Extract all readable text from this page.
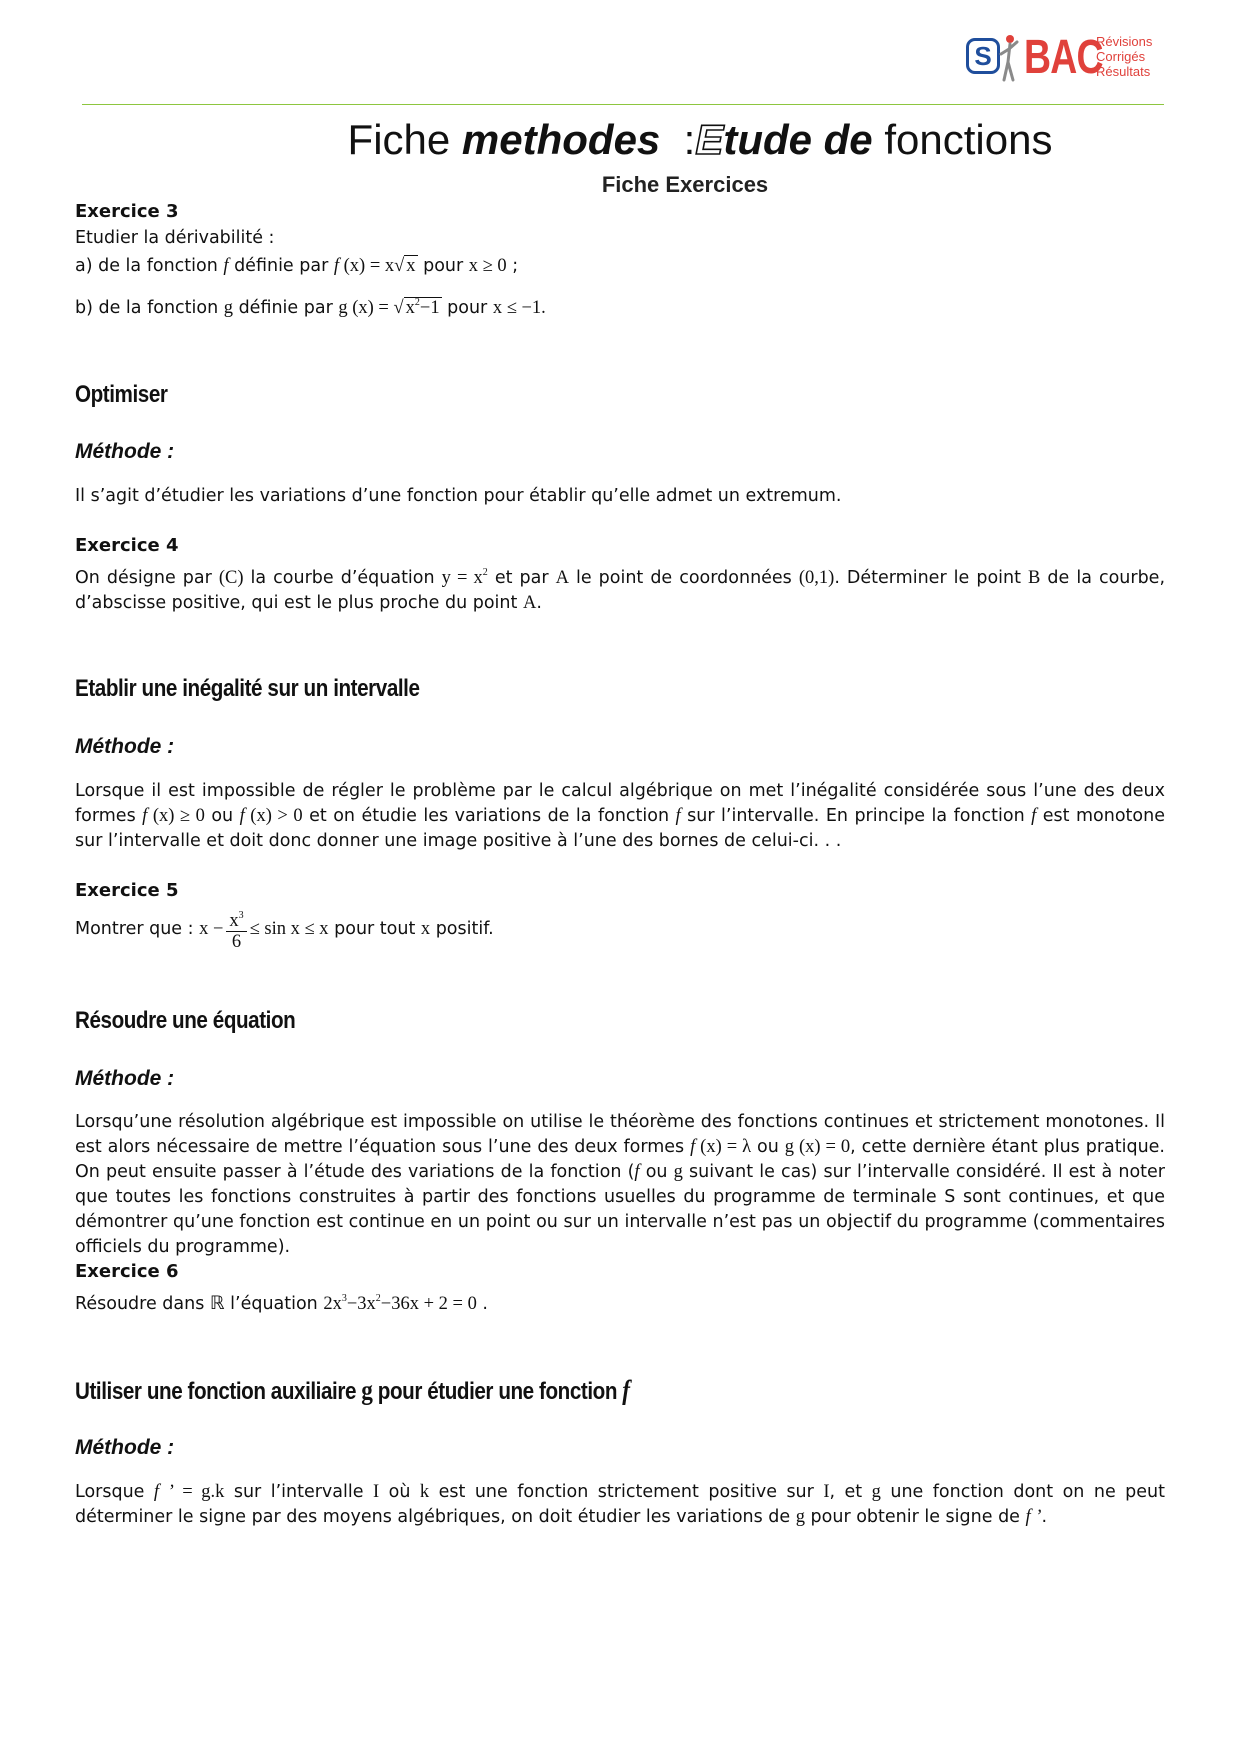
S BAC
Révisions
Corrigés
Résultats
Fiche methodes  :Etude de fonctions
Fiche Exercices
Exercice 3
Etudier la dérivabilité :
a) de la fonction f définie par f (x) = x√ x pour x ≥ 0 ;
b) de la fonction g définie par g (x) = √ $x^2-1$ pour x ≤ −1.
Optimiser
Méthode :
Il s’agit d’étudier les variations d’une fonction pour établir qu’elle admet un extremum.
Exercice 4
On désigne par (C) la courbe d’équation $y = x^2$ et par A le point de coordonnées (0,1). Déterminer le point B de la courbe, d’abscisse positive, qui est le plus proche du point A.
Etablir une inégalité sur un intervalle
Méthode :
Lorsque il est impossible de régler le problème par le calcul algébrique on met l’inégalité considérée sous l’une des deux formes f (x) ≥ 0 ou f (x) > 0 et on étudie les variations de la fonction f sur l’intervalle. En principe la fonction f est monotone sur l’intervalle et doit donc donner une image positive à l’une des bornes de celui-ci. . .
Exercice 5
Montrer que : $x - \frac{x^3}{6} \le \sin x \le x$ pour tout x positif.
Résoudre une équation
Méthode :
Lorsqu’une résolution algébrique est impossible on utilise le théorème des fonctions continues et strictement monotones. Il est alors nécessaire de mettre l’équation sous l’une des deux formes f (x) = λ ou g (x) = 0, cette dernière étant plus pratique. On peut ensuite passer à l’étude des variations de la fonction (f ou g suivant le cas) sur l’intervalle considéré. Il est à noter que toutes les fonctions construites à partir des fonctions usuelles du programme de terminale S sont continues, et que démontrer qu’une fonction est continue en un point ou sur un intervalle n’est pas un objectif du programme (commentaires officiels du programme).
Exercice 6
Résoudre dans ℝ l’équation $2x^3-3x^2-36x + 2 = 0$ .
Utiliser une fonction auxiliaire g pour étudier une fonction f
Méthode :
Lorsque f ’ = g.k sur l’intervalle I où k est une fonction strictement positive sur I, et g une fonction dont on ne peut déterminer le signe par des moyens algébriques, on doit étudier les variations de g pour obtenir le signe de f ’.
